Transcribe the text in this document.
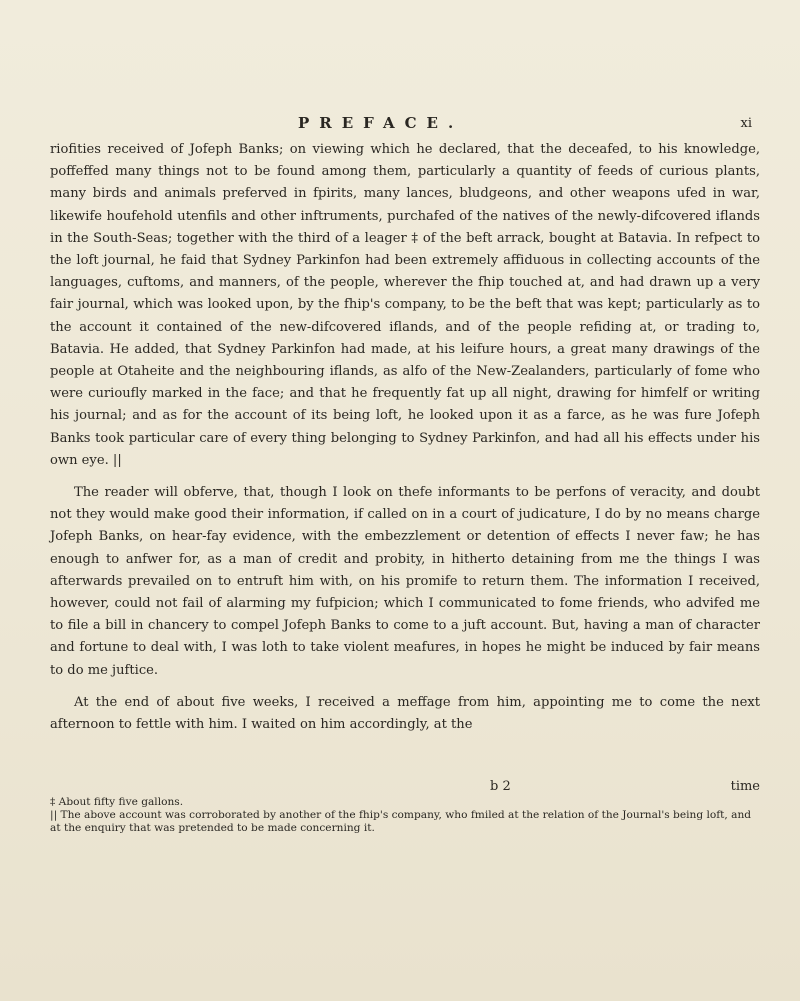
PREFACE.	xi

riofities received of Jofeph Banks; on viewing which he declared, that the deceafed, to his knowledge, poffeffed many things not to be found among them, particularly a quantity of feeds of curious plants, many birds and animals preferved in fpirits, many lances, bludgeons, and other weapons ufed in war, likewife houfehold utenfils and other inftruments, purchafed of the natives of the newly-difcovered iflands in the South-Seas; together with the third of a leager ‡ of the beft arrack, bought at Batavia. In refpect to the loft journal, he faid that Sydney Parkinfon had been extremely affiduous in collecting accounts of the languages, cuftoms, and manners, of the people, wherever the fhip touched at, and had drawn up a very fair journal, which was looked upon, by the fhip's company, to be the beft that was kept; particularly as to the account it contained of the new-difcovered iflands, and of the people refiding at, or trading to, Batavia. He added, that Sydney Parkinfon had made, at his leifure hours, a great many drawings of the people at Otaheite and the neighbouring iflands, as alfo of the New-Zealanders, particularly of fome who were curioufly marked in the face; and that he frequently fat up all night, drawing for himfelf or writing his journal; and as for the account of its being loft, he looked upon it as a farce, as he was fure Jofeph Banks took particular care of every thing belonging to Sydney Parkinfon, and had all his effects under his own eye. ||

The reader will obferve, that, though I look on thefe informants to be perfons of veracity, and doubt not they would make good their information, if called on in a court of judicature, I do by no means charge Jofeph Banks, on hear-fay evidence, with the embezzlement or detention of effects I never faw; he has enough to anfwer for, as a man of credit and probity, in hitherto detaining from me the things I was afterwards prevailed on to entruft him with, on his promife to return them. The information I received, however, could not fail of alarming my fufpicion; which I communicated to fome friends, who advifed me to file a bill in chancery to compel Jofeph Banks to come to a juft account. But, having a man of character and fortune to deal with, I was loth to take violent meafures, in hopes he might be induced by fair means to do me juftice.

At the end of about five weeks, I received a meffage from him, appointing me to come the next afternoon to fettle with him. I waited on him accordingly, at the

b 2	time

‡ About fifty five gallons.

|| The above account was corroborated by another of the fhip's company, who fmiled at the relation of the Journal's being loft, and at the enquiry that was pretended to be made concerning it.
